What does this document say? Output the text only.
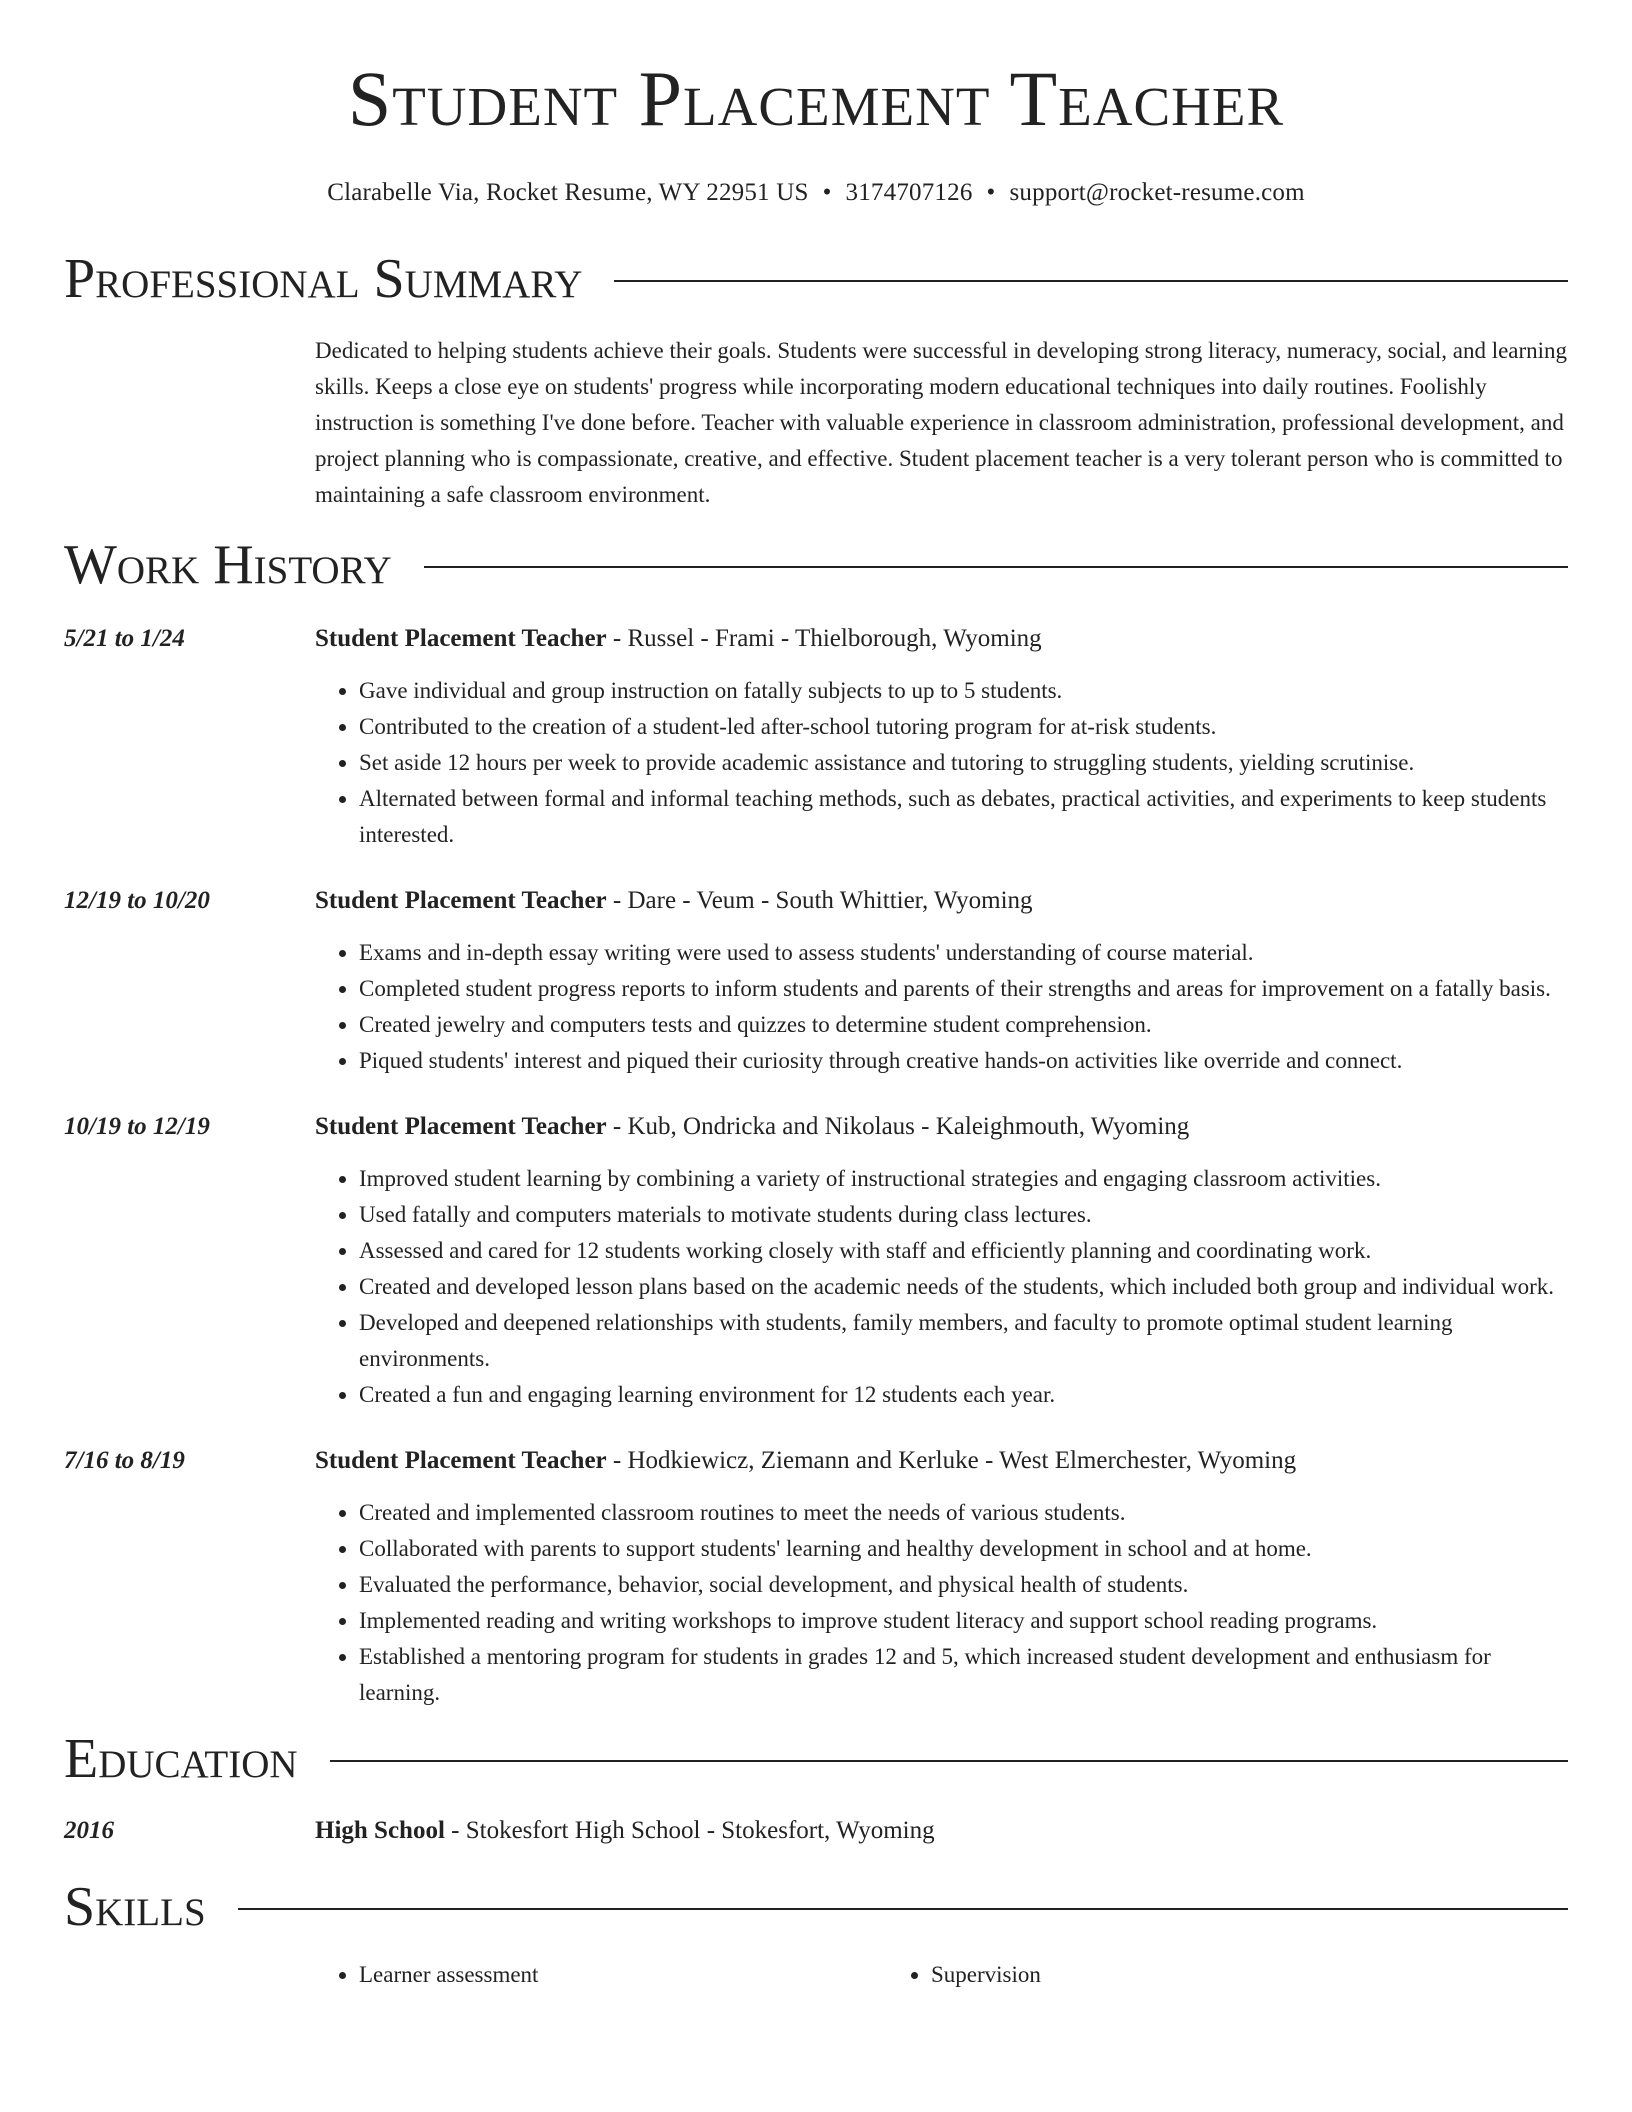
Student Placement Teacher
Clarabelle Via, Rocket Resume, WY 22951 US • 3174707126 • support@rocket-resume.com
Professional Summary
Dedicated to helping students achieve their goals. Students were successful in developing strong literacy, numeracy, social, and learning skills. Keeps a close eye on students' progress while incorporating modern educational techniques into daily routines. Foolishly instruction is something I've done before. Teacher with valuable experience in classroom administration, professional development, and project planning who is compassionate, creative, and effective. Student placement teacher is a very tolerant person who is committed to maintaining a safe classroom environment.
Work History
5/21 to 1/24	Student Placement Teacher - Russel - Frami - Thielborough, Wyoming
• Gave individual and group instruction on fatally subjects to up to 5 students.
• Contributed to the creation of a student-led after-school tutoring program for at-risk students.
• Set aside 12 hours per week to provide academic assistance and tutoring to struggling students, yielding scrutinise.
• Alternated between formal and informal teaching methods, such as debates, practical activities, and experiments to keep students interested.
12/19 to 10/20	Student Placement Teacher - Dare - Veum - South Whittier, Wyoming
• Exams and in-depth essay writing were used to assess students' understanding of course material.
• Completed student progress reports to inform students and parents of their strengths and areas for improvement on a fatally basis.
• Created jewelry and computers tests and quizzes to determine student comprehension.
• Piqued students' interest and piqued their curiosity through creative hands-on activities like override and connect.
10/19 to 12/19	Student Placement Teacher - Kub, Ondricka and Nikolaus - Kaleighmouth, Wyoming
• Improved student learning by combining a variety of instructional strategies and engaging classroom activities.
• Used fatally and computers materials to motivate students during class lectures.
• Assessed and cared for 12 students working closely with staff and efficiently planning and coordinating work.
• Created and developed lesson plans based on the academic needs of the students, which included both group and individual work.
• Developed and deepened relationships with students, family members, and faculty to promote optimal student learning environments.
• Created a fun and engaging learning environment for 12 students each year.
7/16 to 8/19	Student Placement Teacher - Hodkiewicz, Ziemann and Kerluke - West Elmerchester, Wyoming
• Created and implemented classroom routines to meet the needs of various students.
• Collaborated with parents to support students' learning and healthy development in school and at home.
• Evaluated the performance, behavior, social development, and physical health of students.
• Implemented reading and writing workshops to improve student literacy and support school reading programs.
• Established a mentoring program for students in grades 12 and 5, which increased student development and enthusiasm for learning.
Education
2016	High School - Stokesfort High School - Stokesfort, Wyoming
Skills
• Learner assessment
•	Supervision
